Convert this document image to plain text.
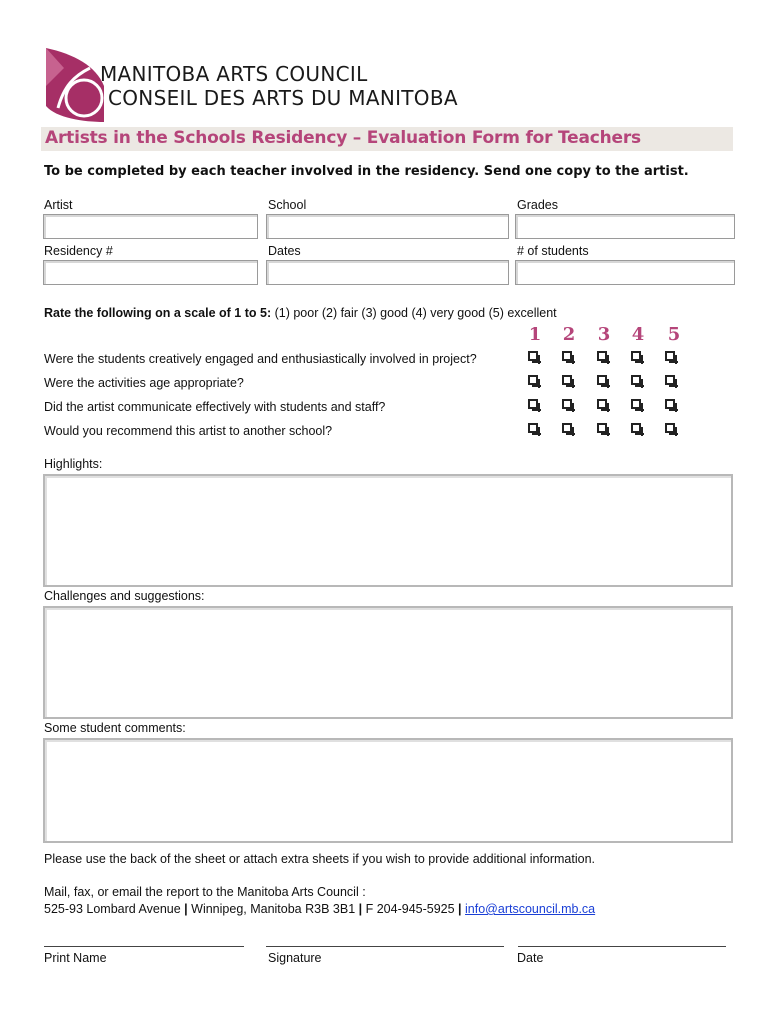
MANITOBA ARTS COUNCIL
CONSEIL DES ARTS DU MANITOBA
Artists in the Schools Residency – Evaluation Form for Teachers
To be completed by each teacher involved in the residency. Send one copy to the artist.
Artist	School	Grades
Residency #	Dates	# of students
Rate the following on a scale of 1 to 5: (1) poor (2) fair (3) good (4) very good (5) excellent
1	2	3	4	5
Were the students creatively engaged and enthusiastically involved in project?
Were the activities age appropriate?
Did the artist communicate effectively with students and staff?
Would you recommend this artist to another school?
Highlights:
Challenges and suggestions:
Some student comments:
Please use the back of the sheet or attach extra sheets if you wish to provide additional information.
Mail, fax, or email the report to the Manitoba Arts Council :
525-93 Lombard Avenue | Winnipeg, Manitoba R3B 3B1 | F 204-945-5925 | info@artscouncil.mb.ca
Print Name	Signature	Date
